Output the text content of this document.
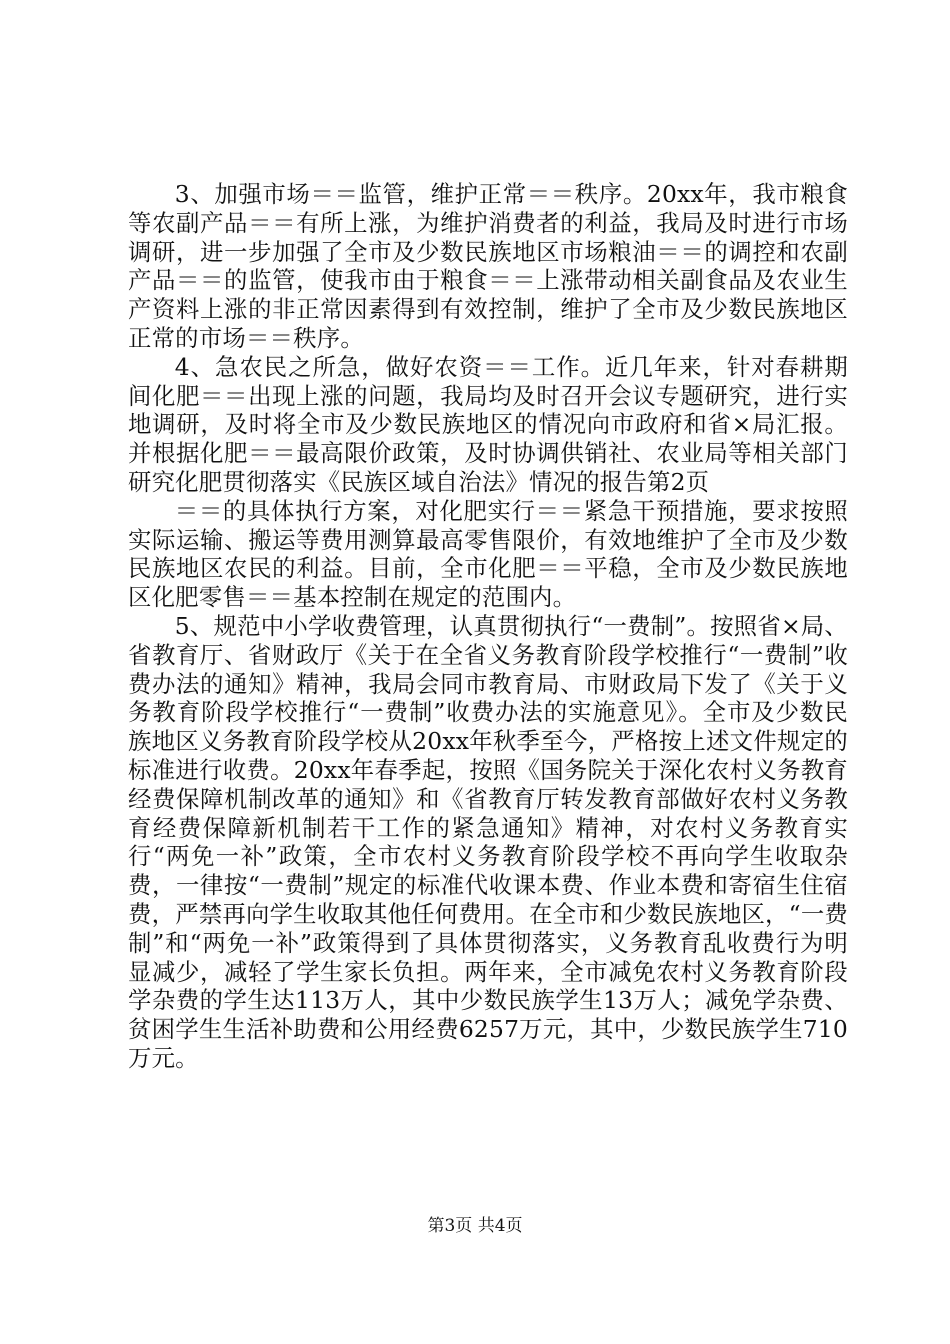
3、加强市场＝＝监管，维护正常＝＝秩序。20xx年，我市粮食等农副产品＝＝有所上涨，为维护消费者的利益，我局及时进行市场调研，进一步加强了全市及少数民族地区市场粮油＝＝的调控和农副产品＝＝的监管，使我市由于粮食＝＝上涨带动相关副食品及农业生产资料上涨的非正常因素得到有效控制，维护了全市及少数民族地区正常的市场＝＝秩序。

4、急农民之所急，做好农资＝＝工作。近几年来，针对春耕期间化肥＝＝出现上涨的问题，我局均及时召开会议专题研究，进行实地调研，及时将全市及少数民族地区的情况向市政府和省×局汇报。并根据化肥＝＝最高限价政策，及时协调供销社、农业局等相关部门研究化肥贯彻落实《民族区域自治法》情况的报告第2页

＝＝的具体执行方案，对化肥实行＝＝紧急干预措施，要求按照实际运输、搬运等费用测算最高零售限价，有效地维护了全市及少数民族地区农民的利益。目前，全市化肥＝＝平稳，全市及少数民族地区化肥零售＝＝基本控制在规定的范围内。

5、规范中小学收费管理，认真贯彻执行“一费制”。按照省×局、省教育厅、省财政厅《关于在全省义务教育阶段学校推行“一费制”收费办法的通知》精神，我局会同市教育局、市财政局下发了《关于义务教育阶段学校推行“一费制”收费办法的实施意见》。全市及少数民族地区义务教育阶段学校从20xx年秋季至今，严格按上述文件规定的标准进行收费。20xx年春季起，按照《国务院关于深化农村义务教育经费保障机制改革的通知》和《省教育厅转发教育部做好农村义务教育经费保障新机制若干工作的紧急通知》精神，对农村义务教育实行“两免一补”政策，全市农村义务教育阶段学校不再向学生收取杂费，一律按“一费制”规定的标准代收课本费、作业本费和寄宿生住宿费，严禁再向学生收取其他任何费用。在全市和少数民族地区，“一费制”和“两免一补”政策得到了具体贯彻落实，义务教育乱收费行为明显减少，减轻了学生家长负担。两年来，全市减免农村义务教育阶段学杂费的学生达113万人，其中少数民族学生13万人；减免学杂费、贫困学生生活补助费和公用经费6257万元，其中，少数民族学生710万元。

第3页 共4页
